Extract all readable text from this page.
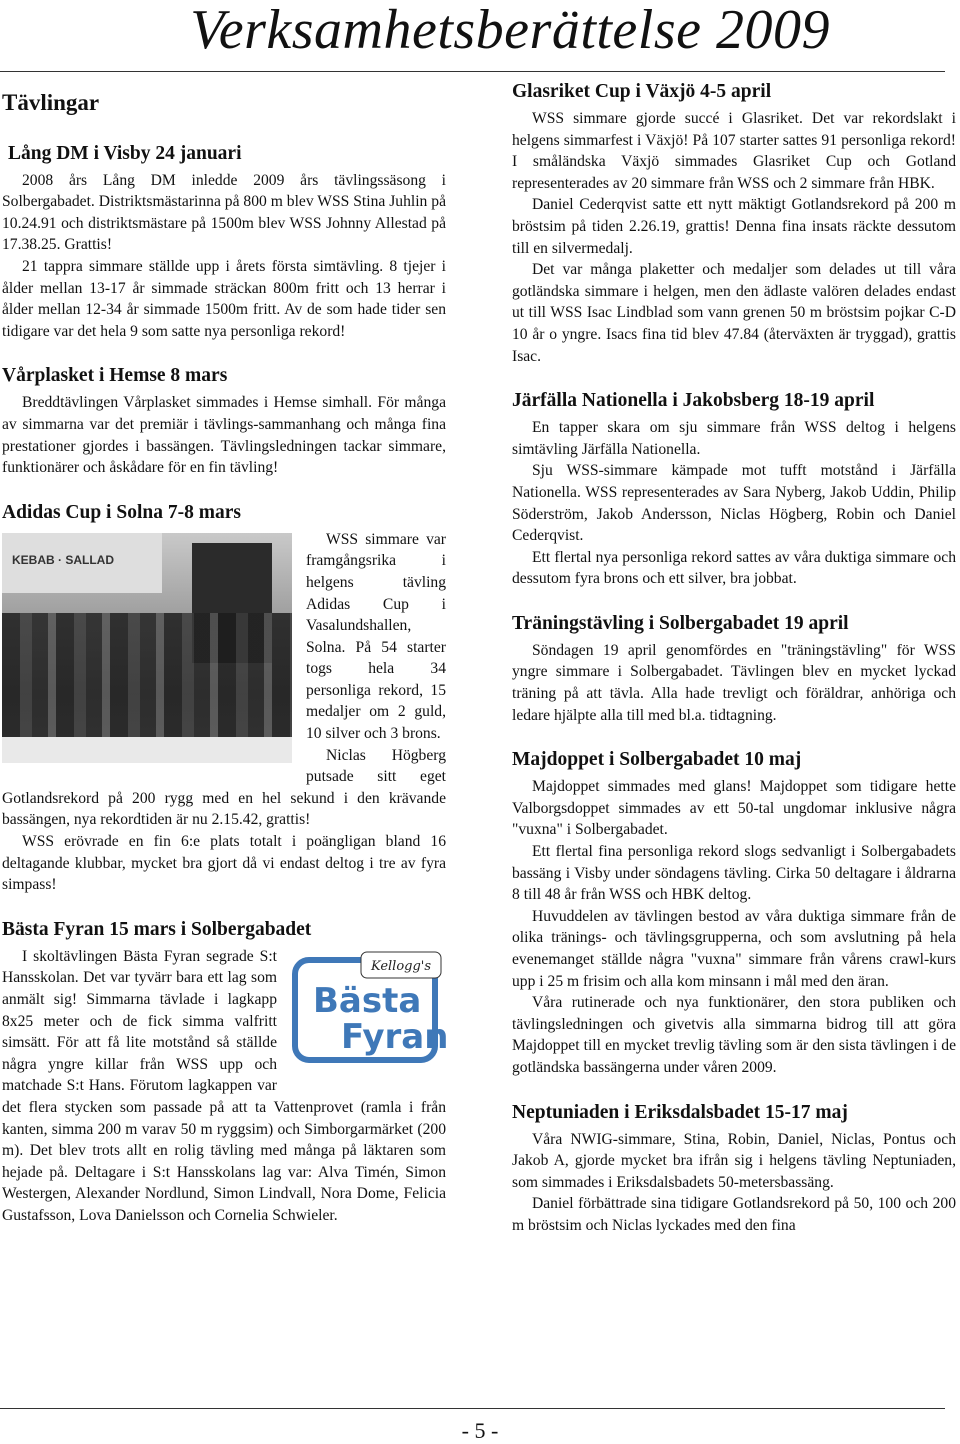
Verksamhetsberättelse 2009
Tävlingar
Lång DM i Visby 24 januari

2008 års Lång DM inledde 2009 års tävlingssäsong i Solbergabadet. Distriktsmästarinna på 800 m blev WSS Stina Juhlin på 10.24.91 och distriktsmästare på 1500m blev WSS Johnny Allestad på 17.38.25. Grattis!

21 tappra simmare ställde upp i årets första simtävling. 8 tjejer i ålder mellan 13-17 år simmade sträckan 800m fritt och 13 herrar i ålder mellan 12-34 år simmade 1500m fritt. Av de som hade tider sen tidigare var det hela 9 som satte nya personliga rekord!

Vårplasket i Hemse 8 mars

Breddtävlingen Vårplasket simmades i Hemse simhall. För många av simmarna var det premiär i tävlings-sammanhang och många fina prestationer gjordes i bassängen. Tävlingsledningen tackar simmare, funktionärer och åskådare för en fin tävling!

Adidas Cup i Solna 7-8 mars
KEBAB · SALLAD

WSS simmare var framgångsrika i helgens tävling Adidas Cup i Vasalundshallen, Solna. På 54 starter togs hela 34 personliga rekord, 15 medaljer om 2 guld, 10 silver och 3 brons.

Niclas Högberg putsade sitt eget Gotlandsrekord på 200 rygg med en hel sekund i den krävande bassängen, nya rekordtiden är nu 2.15.42, grattis!

WSS erövrade en fin 6:e plats totalt i poängligan bland 16 deltagande klubbar, mycket bra gjort då vi endast deltog i tre av fyra simpass!

Bästa Fyran 15 mars i Solbergabadet
Kellogg's
Bästa
Fyran

I skoltävlingen Bästa Fyran segrade S:t Hansskolan. Det var tyvärr bara ett lag som anmält sig! Simmarna tävlade i lagkapp 8x25 meter och de fick simma valfritt simsätt. För att få lite motstånd så ställde några yngre killar från WSS upp och matchade S:t Hans. Förutom lagkappen var det flera stycken som passade på att ta Vattenprovet (ramla i från kanten, simma 200 m varav 50 m ryggsim) och Simborgarmärket (200 m). Det blev trots allt en rolig tävling med många på läktaren som hejade på. Deltagare i S:t Hansskolans lag var: Alva Timén, Simon Westergen, Alexander Nordlund, Simon Lindvall, Nora Dome, Felicia Gustafsson, Lova Danielsson och Cornelia Schwieler.

Glasriket Cup i Växjö 4-5 april

WSS simmare gjorde succé i Glasriket. Det var rekordslakt i helgens simmarfest i Växjö! På 107 starter sattes 91 personliga rekord! I småländska Växjö simmades Glasriket Cup och Gotland representerades av 20 simmare från WSS och 2 simmare från HBK.

Daniel Cederqvist satte ett nytt mäktigt Gotlandsrekord på 200 m bröstsim på tiden 2.26.19, grattis! Denna fina insats räckte dessutom till en silvermedalj.

Det var många plaketter och medaljer som delades ut till våra gotländska simmare i helgen, men den ädlaste valören delades endast ut till WSS Isac Lindblad som vann grenen 50 m bröstsim pojkar C-D 10 år o yngre. Isacs fina tid blev 47.84 (återväxten är tryggad), grattis Isac.

Järfälla Nationella i Jakobsberg 18-19 april

En tapper skara om sju simmare från WSS deltog i helgens simtävling Järfälla Nationella.

Sju WSS-simmare kämpade mot tufft motstånd i Järfälla Nationella. WSS representerades av Sara Nyberg, Jakob Uddin, Philip Söderström, Jakob Andersson, Niclas Högberg, Robin och Daniel Cederqvist.

Ett flertal nya personliga rekord sattes av våra duktiga simmare och dessutom fyra brons och ett silver, bra jobbat.

Träningstävling i Solbergabadet 19 april

Söndagen 19 april genomfördes en "träningstävling" för WSS yngre simmare i Solbergabadet. Tävlingen blev en mycket lyckad träning på att tävla. Alla hade trevligt och föräldrar, anhöriga och ledare hjälpte alla till med bl.a. tidtagning.

Majdoppet i Solbergabadet 10 maj

Majdoppet simmades med glans! Majdoppet som tidigare hette Valborgsdoppet simmades av ett 50-tal ungdomar inklusive några "vuxna" i Solbergabadet.

Ett flertal fina personliga rekord slogs sedvanligt i Solbergabadets bassäng i Visby under söndagens tävling. Cirka 50 deltagare i åldrarna 8 till 48 år från WSS och HBK deltog.

Huvuddelen av tävlingen bestod av våra duktiga simmare från de olika tränings- och tävlingsgrupperna, och som avslutning på hela evenemanget ställde några "vuxna" simmare från vårens crawl-kurs upp i 25 m frisim och alla kom minsann i mål med den äran.

Våra rutinerade och nya funktionärer, den stora publiken och tävlingsledningen och givetvis alla simmarna bidrog till att göra Majdoppet till en mycket trevlig tävling som är den sista tävlingen i de gotländska bassängerna under våren 2009.

Neptuniaden i Eriksdalsbadet 15-17 maj

Våra NWIG-simmare, Stina, Robin, Daniel, Niclas, Pontus och Jakob A, gjorde mycket bra ifrån sig i helgens tävling Neptuniaden, som simmades i Eriksdalsbadets 50-metersbassäng.

Daniel förbättrade sina tidigare Gotlandsrekord på 50, 100 och 200 m bröstsim och Niclas lyckades med den fina

- 5 -
